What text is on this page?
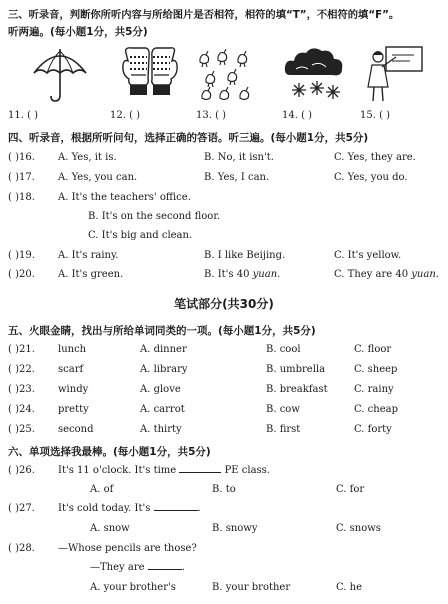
三、听录音，判断你所听内容与所给图片是否相符，相符的填“T”，不相符的填“F”。
听两遍。(每小题1分，共5分)
11. ( )	12. ( )	13. ( )	14. ( )	15. ( )
四、听录音，根据所听问句，选择正确的答语。听三遍。(每小题1分，共5分)
( )16. A. Yes, it is.	B. No, it isn't.	C. Yes, they are.
( )17. A. Yes, you can.	B. Yes, I can.	C. Yes, you do.
( )18. A. It's the teachers' office.
B. It's on the second floor.
C. It's big and clean.
( )19. A. It's rainy.	B. I like Beijing.	C. It's yellow.
( )20. A. It's green.	B. It's 40 yuan.	C. They are 40 yuan.
笔试部分(共30分)
五、火眼金睛，找出与所给单词同类的一项。(每小题1分，共5分)
( )21. lunch	A. dinner	B. cool	C. floor
( )22. scarf	A. library	B. umbrella	C. sheep
( )23. windy	A. glove	B. breakfast	C. rainy
( )24. pretty	A. carrot	B. cow	C. cheap
( )25. second	A. thirty	B. first	C. forty
六、单项选择我最棒。(每小题1分，共5分)
( )26. It's 11 o'clock. It's time	PE class.
A. of	B. to	C. for
( )27. It's cold today. It's	.
A. snow	B. snowy	C. snows
( )28. —Whose pencils are those?
—They are	.
A. your brother's	B. your brother	C. he
